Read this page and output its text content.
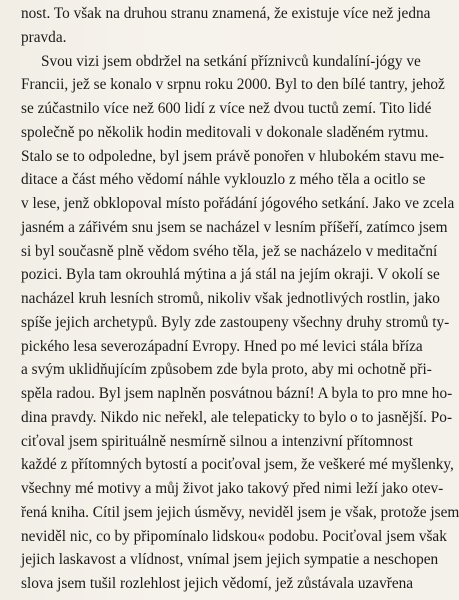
nost. To však na druhou stranu znamená, že existuje více než jedna
pravda.

Svou vizi jsem obdržel na setkání příznivců kundalíní-jógy ve
Francii, jež se konalo v srpnu roku 2000. Byl to den bílé tantry, jehož
se zúčastnilo více než 600 lidí z více než dvou tuctů zemí. Tito lidé
společně po několik hodin meditovali v dokonale sladěném rytmu.
Stalo se to odpoledne, byl jsem právě ponořen v hlubokém stavu me-
ditace a část mého vědomí náhle vyklouzlo z mého těla a ocitlo se
v lese, jenž obklopoval místo pořádání jógového setkání. Jako ve zcela
jasném a zářivém snu jsem se nacházel v lesním příšeří, zatímco jsem
si byl současně plně vědom svého těla, jež se nacházelo v meditační
pozici. Byla tam okrouhlá mýtina a já stál na jejím okraji. V okolí se
nacházel kruh lesních stromů, nikoliv však jednotlivých rostlin, jako
spíše jejich archetypů. Byly zde zastoupeny všechny druhy stromů ty-
pického lesa severozápadní Evropy. Hned po mé levici stála bříza
a svým uklidňujícím způsobem zde byla proto, aby mi ochotně při-
spěla radou. Byl jsem naplněn posvátnou bázní! A byla to pro mne ho-
dina pravdy. Nikdo nic neřekl, ale telepaticky to bylo o to jasnější. Po-
ciťoval jsem spirituálně nesmírně silnou a intenzivní přítomnost
každé z přítomných bytostí a pociťoval jsem, že veškeré mé myšlenky,
všechny mé motivy a můj život jako takový před nimi leží jako otev-
řená kniha. Cítil jsem jejich úsměvy, neviděl jsem je však, protože jsem
neviděl nic, co by připomínalo lidskou« podobu. Pociťoval jsem však
jejich laskavost a vlídnost, vnímal jsem jejich sympatie a neschopen
slova jsem tušil rozlehlost jejich vědomí, jež zůstávala uzavřena
